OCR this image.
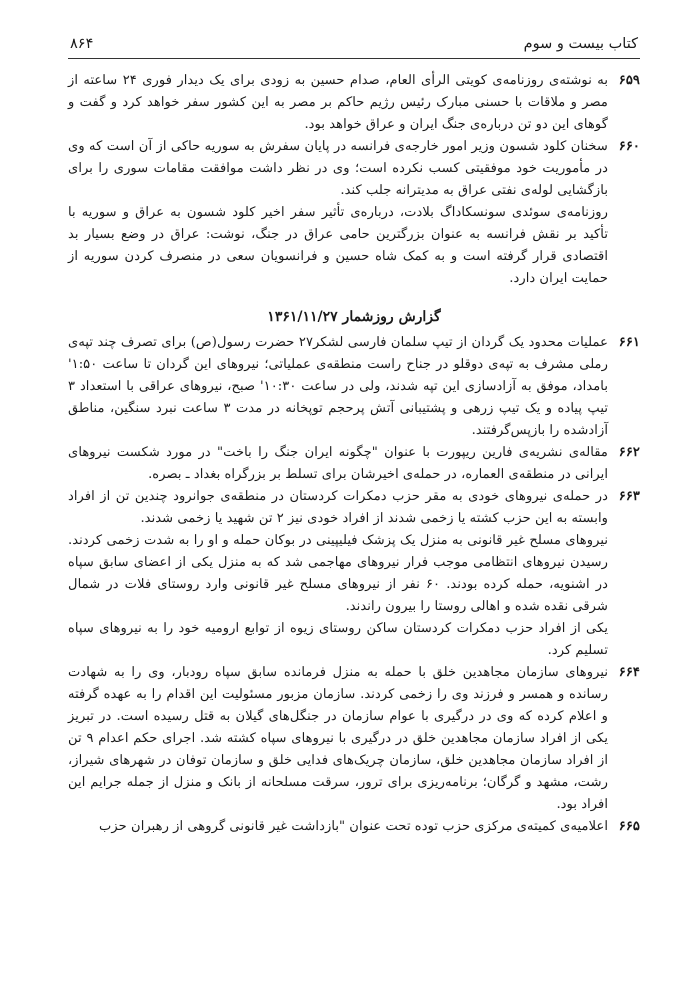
کتاب بیست و سوم
۸۶۴
۶۵۹

به نوشته‌ی روزنامه‌ی کویتی الرأی العام، صدام حسین به زودی برای یک دیدار فوری ۲۴ ساعته از مصر و ملاقات با حسنی مبارک رئیس رژیم حاکم بر مصر به این کشور سفر خواهد کرد و گفت و گوهای این دو تن درباره‌ی جنگ ایران و عراق خواهد بود.

۶۶۰

سخنان کلود شسون وزیر امور خارجه‌ی فرانسه در پایان سفرش به سوریه حاکی از آن است که وی در مأموریت خود موفقیتی کسب نکرده است؛ وی در نظر داشت موافقت مقامات سوری را برای بازگشایی لوله‌ی نفتی عراق به مدیترانه جلب کند.

روزنامه‌ی سوئدی سونسکاداگ بلادت، درباره‌ی تأثیر سفر اخیر کلود شسون به عراق و سوریه با تأکید بر نقش فرانسه به عنوان بزرگترین حامی عراق در جنگ، نوشت: عراق در وضع بسیار بد اقتصادی قرار گرفته است و به کمک شاه حسین و فرانسویان سعی در منصرف کردن سوریه از حمایت ایران دارد.

گزارش روزشمار ۱۳۶۱/۱۱/۲۷
۶۶۱

عملیات محدود یک گردان از تیپ سلمان فارسی لشکر۲۷ حضرت رسول(ص) برای تصرف چند تپه‌ی رملی مشرف به تپه‌ی دوقلو در جناح راست منطقه‌ی عملیاتی؛ نیروهای این گردان تا ساعت ۱:۵۰' بامداد، موفق به آزادسازی این تپه شدند، ولی در ساعت ۱۰:۳۰' صبح، نیروهای عراقی با استعداد ۳ تیپ پیاده و یک تیپ زرهی و پشتیبانی آتش پرحجم توپخانه در مدت ۳ ساعت نبرد سنگین، مناطق آزادشده را بازپس‌گرفتند.

۶۶۲

مقاله‌ی نشریه‌ی فارین ریپورت با عنوان "چگونه ایران جنگ را باخت" در مورد شکست نیروهای ایرانی در منطقه‌ی العماره، در حمله‌ی اخیرشان برای تسلط بر بزرگراه بغداد ـ بصره.

۶۶۳

در حمله‌ی نیروهای خودی به مقر حزب دمکرات کردستان در منطقه‌ی جوانرود چندین تن از افراد وابسته به این حزب کشته یا زخمی شدند از افراد خودی نیز ۲ تن شهید یا زخمی شدند.

نیروهای مسلح غیر قانونی به منزل یک پزشک فیلیپینی در بوکان حمله و او را به شدت زخمی کردند. رسیدن نیروهای انتظامی موجب فرار نیروهای مهاجمی شد که به منزل یکی از اعضای سابق سپاه در اشنویه، حمله کرده بودند. ۶۰ نفر از نیروهای مسلح غیر قانونی وارد روستای فلات در شمال شرقی نقده شده و اهالی روستا را بیرون راندند.

یکی از افراد حزب دمکرات کردستان ساکن روستای زیوه از توابع ارومیه خود را به نیروهای سپاه تسلیم کرد.

۶۶۴

نیروهای سازمان مجاهدین خلق با حمله به منزل فرمانده سابق سپاه رودبار، وی را به شهادت رسانده و همسر و فرزند وی را زخمی کردند. سازمان مزبور مسئولیت این اقدام را به عهده گرفته و اعلام کرده که وی در درگیری با عوام سازمان در جنگل‌های گیلان به قتل رسیده است. در تبریز یکی از افراد سازمان مجاهدین خلق در درگیری با نیروهای سپاه کشته شد. اجرای حکم اعدام ۹ تن از افراد سازمان مجاهدین خلق، سازمان چریک‌های فدایی خلق و سازمان توفان در شهرهای شیراز، رشت، مشهد و گرگان؛ برنامه‌ریزی برای ترور، سرقت مسلحانه از بانک و منزل از جمله جرایم این افراد بود.

۶۶۵

اعلامیه‌ی کمیته‌ی مرکزی حزب توده تحت عنوان "بازداشت غیر قانونی گروهی از رهبران حزب
